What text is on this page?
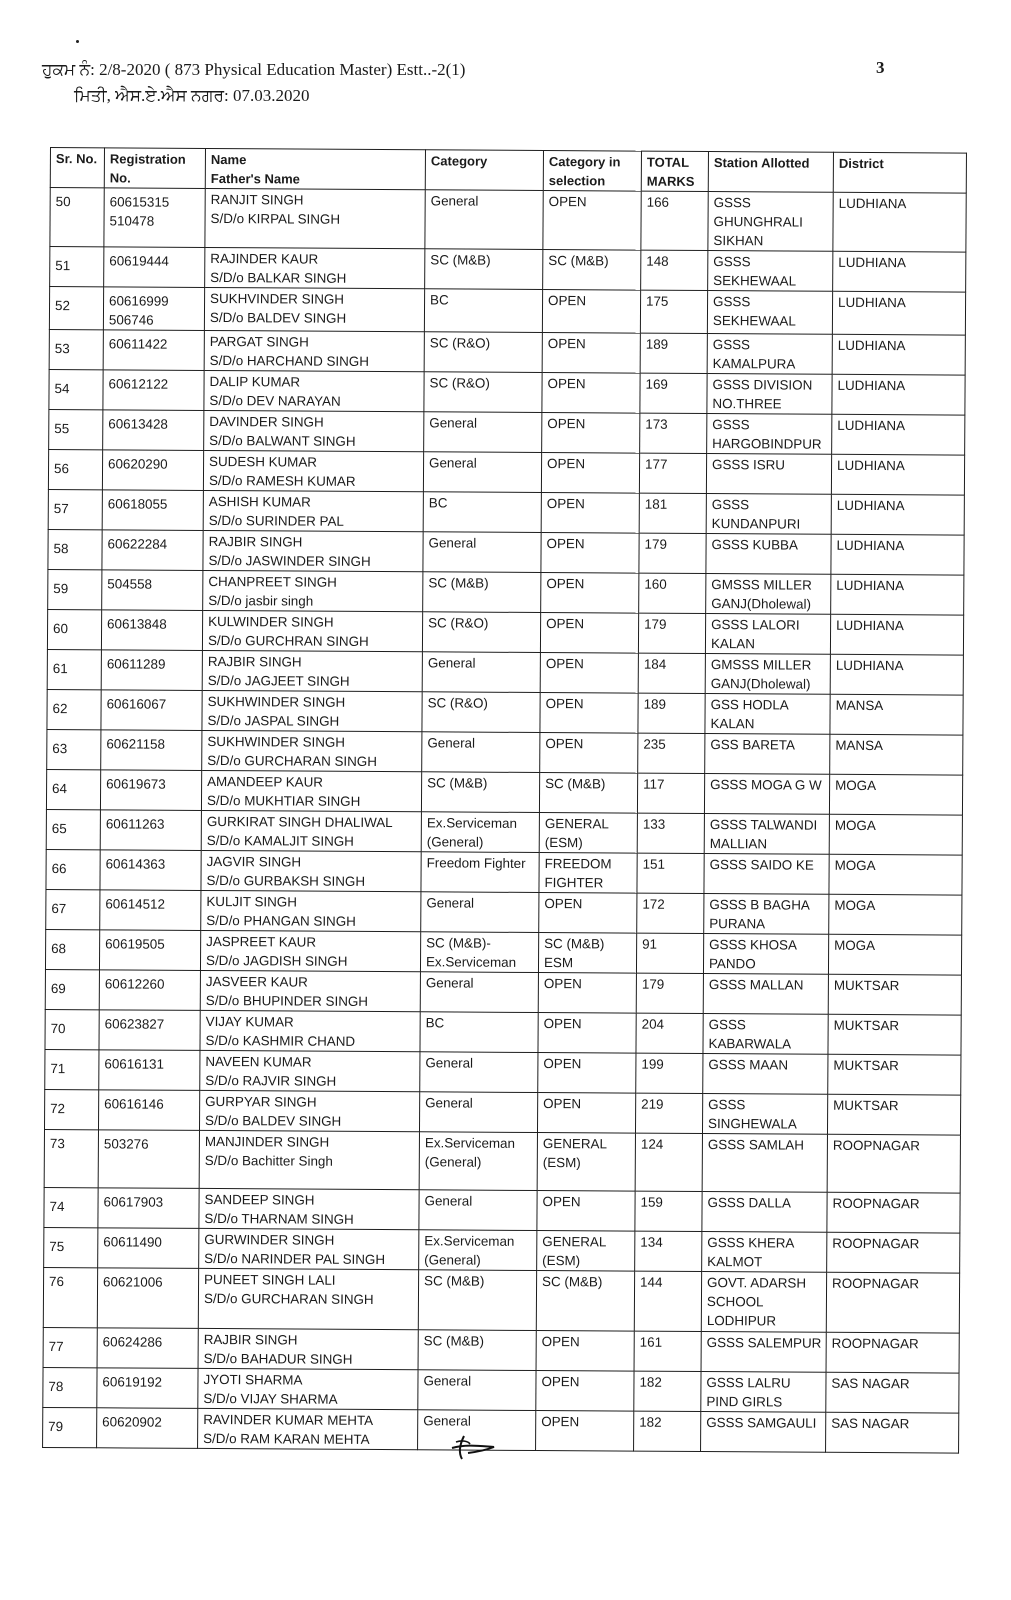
ਹੁਕਮ ਨੰ: 2/8-2020 ( 873 Physical Education Master) Estt..-2(1)
ਮਿਤੀ, ਐਸ.ਏ.ਐਸ ਨਗਰ: 07.03.2020
3
Sr. No.	Registration No.	Name
Father's Name	Category	Category in selection	TOTAL MARKS	Station Allotted	District
50	60615315 510478	RANJIT SINGH
S/D/o KIRPAL SINGH	General	OPEN	166	GSSS GHUNGHRALI SIKHAN	LUDHIANA
51	60619444	RAJINDER KAUR
S/D/o BALKAR SINGH	SC (M&B)	SC (M&B)	148	GSSS SEKHEWAAL	LUDHIANA
52	60616999 506746	SUKHVINDER SINGH
S/D/o BALDEV SINGH	BC	OPEN	175	GSSS SEKHEWAAL	LUDHIANA
53	60611422	PARGAT SINGH
S/D/o HARCHAND SINGH	SC (R&O)	OPEN	189	GSSS KAMALPURA	LUDHIANA
54	60612122	DALIP KUMAR
S/D/o DEV NARAYAN	SC (R&O)	OPEN	169	GSSS DIVISION NO.THREE	LUDHIANA
55	60613428	DAVINDER SINGH
S/D/o BALWANT SINGH	General	OPEN	173	GSSS HARGOBINDPUR	LUDHIANA
56	60620290	SUDESH KUMAR
S/D/o RAMESH KUMAR	General	OPEN	177	GSSS ISRU	LUDHIANA
57	60618055	ASHISH KUMAR
S/D/o SURINDER PAL	BC	OPEN	181	GSSS KUNDANPURI	LUDHIANA
58	60622284	RAJBIR SINGH
S/D/o JASWINDER SINGH	General	OPEN	179	GSSS KUBBA	LUDHIANA
59	504558	CHANPREET SINGH
S/D/o jasbir singh	SC (M&B)	OPEN	160	GMSSS MILLER GANJ(Dholewal)	LUDHIANA
60	60613848	KULWINDER SINGH
S/D/o GURCHRAN SINGH	SC (R&O)	OPEN	179	GSSS LALORI KALAN	LUDHIANA
61	60611289	RAJBIR SINGH
S/D/o JAGJEET SINGH	General	OPEN	184	GMSSS MILLER GANJ(Dholewal)	LUDHIANA
62	60616067	SUKHWINDER SINGH
S/D/o JASPAL SINGH	SC (R&O)	OPEN	189	GSS HODLA KALAN	MANSA
63	60621158	SUKHWINDER SINGH
S/D/o GURCHARAN SINGH	General	OPEN	235	GSS BARETA	MANSA
64	60619673	AMANDEEP KAUR
S/D/o MUKHTIAR SINGH	SC (M&B)	SC (M&B)	117	GSSS MOGA G W	MOGA
65	60611263	GURKIRAT SINGH DHALIWAL
S/D/o KAMALJIT SINGH	Ex.Serviceman (General)	GENERAL (ESM)	133	GSSS TALWANDI MALLIAN	MOGA
66	60614363	JAGVIR SINGH
S/D/o GURBAKSH SINGH	Freedom Fighter	FREEDOM FIGHTER	151	GSSS SAIDO KE	MOGA
67	60614512	KULJIT SINGH
S/D/o PHANGAN SINGH	General	OPEN	172	GSSS B BAGHA PURANA	MOGA
68	60619505	JASPREET KAUR
S/D/o JAGDISH SINGH	SC (M&B)- Ex.Serviceman	SC (M&B) ESM	91	GSSS KHOSA PANDO	MOGA
69	60612260	JASVEER KAUR
S/D/o BHUPINDER SINGH	General	OPEN	179	GSSS MALLAN	MUKTSAR
70	60623827	VIJAY KUMAR
S/D/o KASHMIR CHAND	BC	OPEN	204	GSSS KABARWALA	MUKTSAR
71	60616131	NAVEEN KUMAR
S/D/o RAJVIR SINGH	General	OPEN	199	GSSS MAAN	MUKTSAR
72	60616146	GURPYAR SINGH
S/D/o BALDEV SINGH	General	OPEN	219	GSSS SINGHEWALA	MUKTSAR
73	503276	MANJINDER SINGH
S/D/o Bachitter Singh	Ex.Serviceman (General)	GENERAL (ESM)	124	GSSS SAMLAH	ROOPNAGAR
74	60617903	SANDEEP SINGH
S/D/o THARNAM SINGH	General	OPEN	159	GSSS DALLA	ROOPNAGAR
75	60611490	GURWINDER SINGH
S/D/o NARINDER PAL SINGH	Ex.Serviceman (General)	GENERAL (ESM)	134	GSSS KHERA KALMOT	ROOPNAGAR
76	60621006	PUNEET SINGH LALI
S/D/o GURCHARAN SINGH	SC (M&B)	SC (M&B)	144	GOVT. ADARSH SCHOOL LODHIPUR	ROOPNAGAR
77	60624286	RAJBIR SINGH
S/D/o BAHADUR SINGH	SC (M&B)	OPEN	161	GSSS SALEMPUR	ROOPNAGAR
78	60619192	JYOTI SHARMA
S/D/o VIJAY SHARMA	General	OPEN	182	GSSS LALRU PIND GIRLS	SAS NAGAR
79	60620902	RAVINDER KUMAR MEHTA
S/D/o RAM KARAN MEHTA	General	OPEN	182	GSSS SAMGAULI	SAS NAGAR
